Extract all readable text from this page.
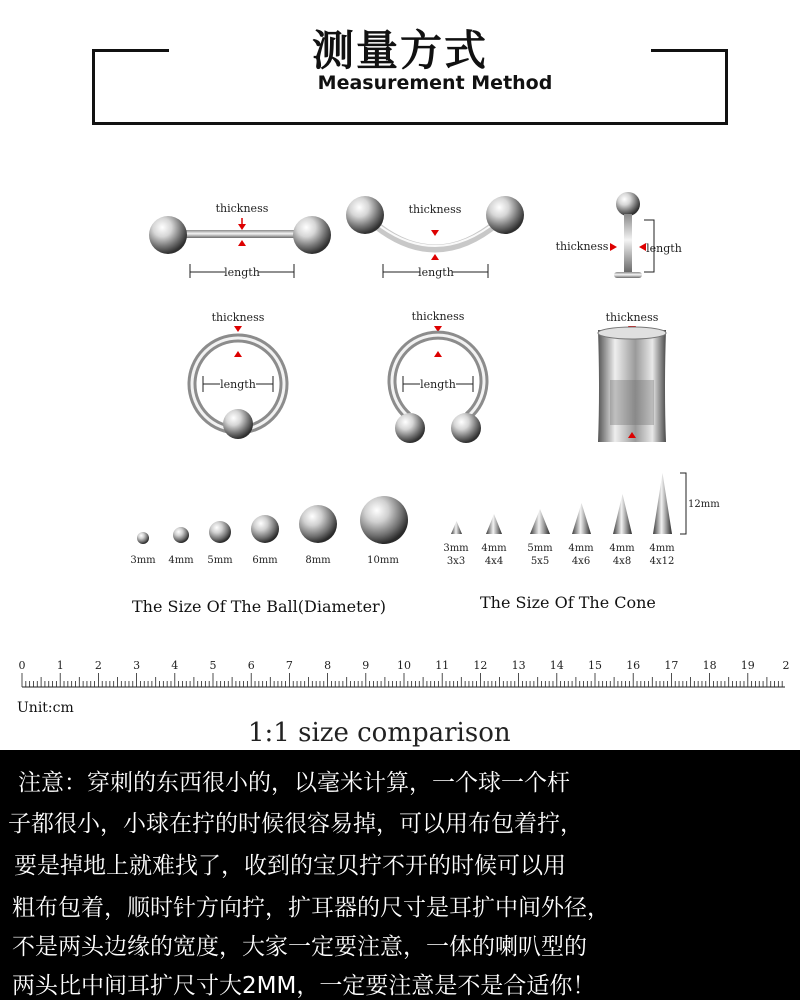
测量方式
Measurement Method
thickness
length
thickness
length
thickness	length
thickness
length
thickness
length
thickness
3mm 4mm 5mm 6mm	8mm	10mm
12mm
3mm 4mm 5mm 4mm 4mm 4mm
3x3 4x4	5x5 4x6 4x8 4x12
The Size Of The Ball(Diameter)	The Size Of The Cone
0	1	2	3	4	5	6	7	8	9	10 11 12 13 14 15 16 17 18 19	2
Unit:cm
1:1 size comparison
注意：穿刺的东西很小的，以毫米计算，一个球一个杆
子都很小，小球在拧的时候很容易掉，可以用布包着拧，
要是掉地上就难找了，收到的宝贝拧不开的时候可以用
粗布包着，顺时针方向拧，扩耳器的尺寸是耳扩中间外径，
不是两头边缘的宽度，大家一定要注意，一体的喇叭型的
两头比中间耳扩尺寸大2MM，一定要注意是不是合适你！
